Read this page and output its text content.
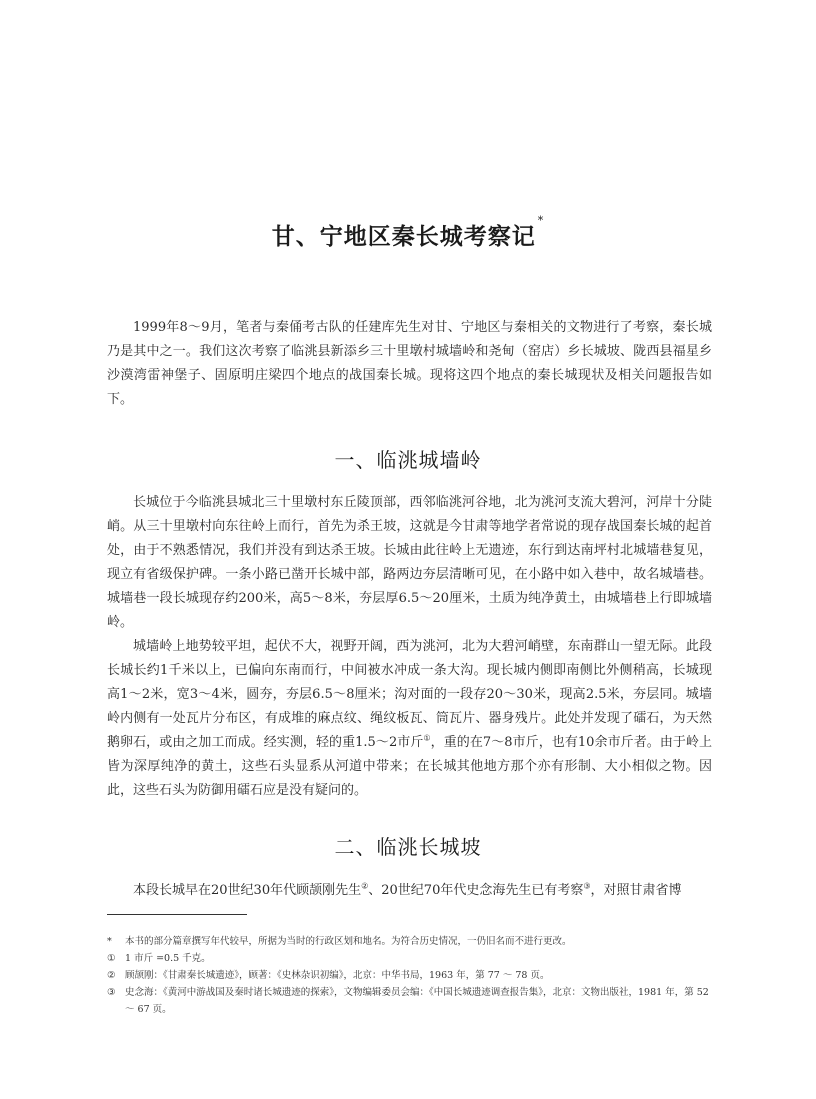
甘、宁地区秦长城考察记*

1999年8～9月，笔者与秦俑考古队的任建库先生对甘、宁地区与秦相关的文物进行了考察，秦长城乃是其中之一。我们这次考察了临洮县新添乡三十里墩村城墙岭和尧甸（窑店）乡长城坡、陇西县福星乡沙漠湾雷神堡子、固原明庄梁四个地点的战国秦长城。现将这四个地点的秦长城现状及相关问题报告如下。

一、临洮城墙岭

长城位于今临洮县城北三十里墩村东丘陵顶部，西邻临洮河谷地，北为洮河支流大碧河，河岸十分陡峭。从三十里墩村向东往岭上而行，首先为杀王坡，这就是今甘肃等地学者常说的现存战国秦长城的起首处，由于不熟悉情况，我们并没有到达杀王坡。长城由此往岭上无遗迹，东行到达南坪村北城墙巷复见，现立有省级保护碑。一条小路已凿开长城中部，路两边夯层清晰可见，在小路中如入巷中，故名城墙巷。城墙巷一段长城现存约200米，高5～8米，夯层厚6.5～20厘米，土质为纯净黄土，由城墙巷上行即城墙岭。

城墙岭上地势较平坦，起伏不大，视野开阔，西为洮河，北为大碧河峭壁，东南群山一望无际。此段长城长约1千米以上，已偏向东南而行，中间被水冲成一条大沟。现长城内侧即南侧比外侧稍高，长城现高1～2米，宽3～4米，圆夯，夯层6.5～8厘米；沟对面的一段存20～30米，现高2.5米，夯层同。城墙岭内侧有一处瓦片分布区，有成堆的麻点纹、绳纹板瓦、筒瓦片、器身残片。此处并发现了礌石，为天然鹅卵石，或由之加工而成。经实测，轻的重1.5～2市斤①，重的在7～8市斤，也有10余市斤者。由于岭上皆为深厚纯净的黄土，这些石头显系从河道中带来；在长城其他地方那个亦有形制、大小相似之物。因此，这些石头为防御用礌石应是没有疑问的。

二、临洮长城坡

本段长城早在20世纪30年代顾颉刚先生②、20世纪70年代史念海先生已有考察③，对照甘肃省博

*	本书的部分篇章撰写年代较早，所据为当时的行政区划和地名。为符合历史情况，一仍旧名而不进行更改。
① 1 市斤 =0.5 千克。
② 顾颉刚：《甘肃秦长城遗迹》，顾著：《史林杂识初编》，北京：中华书局，1963 年，第 77 ～ 78 页。
③ 史念海：《黄河中游战国及秦时诸长城遗迹的探索》，文物编辑委员会编：《中国长城遗迹调查报告集》，北京：文物出版社，1981 年，第 52 ～ 67 页。
